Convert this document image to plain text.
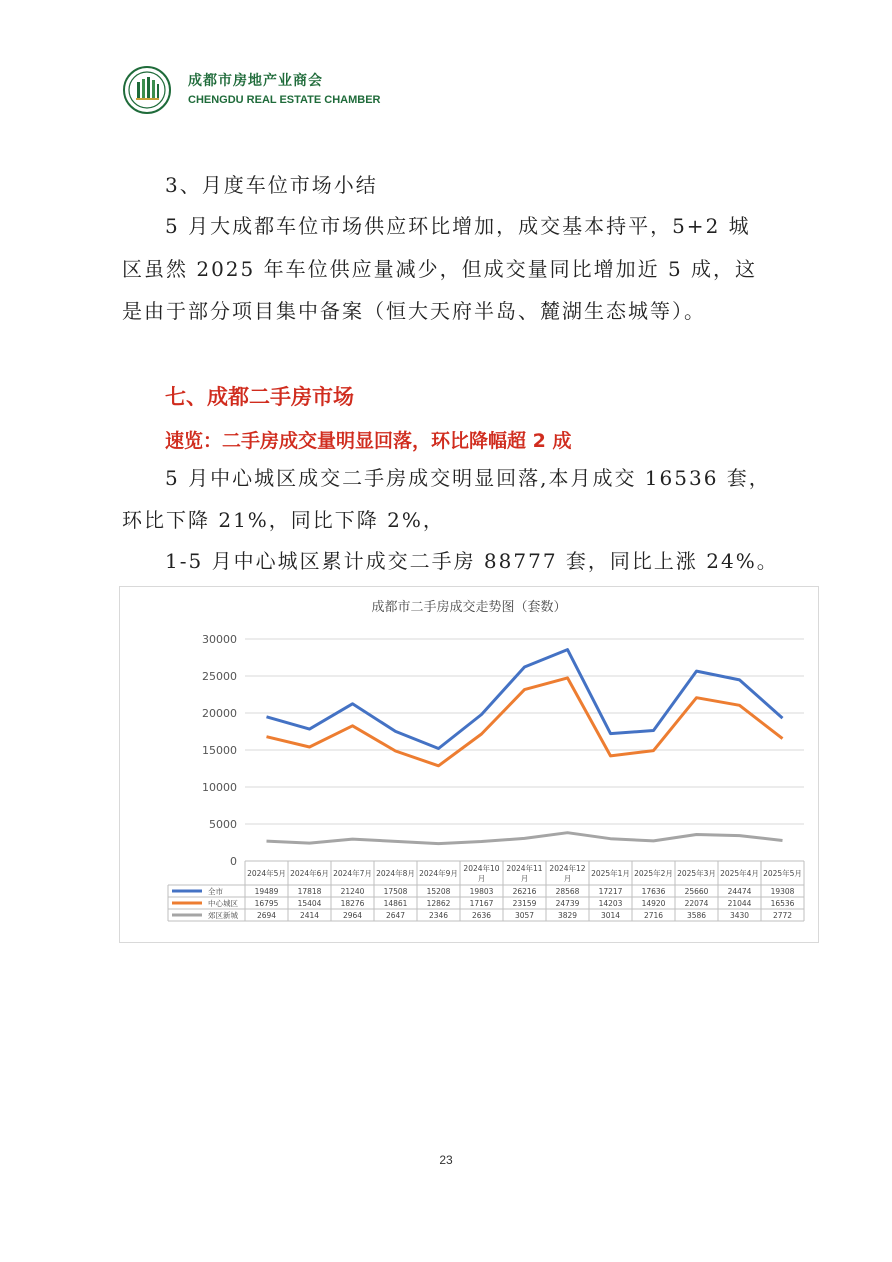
成都市房地产业商会
CHENGDU REAL ESTATE CHAMBER
3、月度车位市场小结
5 月大成都车位市场供应环比增加，成交基本持平，5+2 城
区虽然 2025 年车位供应量减少，但成交量同比增加近 5 成，这
是由于部分项目集中备案（恒大天府半岛、麓湖生态城等）。
七、成都二手房市场
速览：二手房成交量明显回落，环比降幅超 2 成
5 月中心城区成交二手房成交明显回落,本月成交 16536 套，
环比下降 21%，同比下降 2%，
1-5 月中心城区累计成交二手房 88777 套，同比上涨 24%。
成都市二手房成交走势图（套数）
30000
25000
20000
15000
10000
5000
0
2024年5月 2024年6月 2024年7月 2024年8月 2024年9月
2024年10
月
2024年11
月
2024年12
月
2025年1月 2025年2月 2025年3月 2025年4月 2025年5月
全市	19489	17818	21240	17508	15208	19803	26216	28568	17217	17636	25660	24474	19308
中心城区 16795	15404	18276	14861	12862	17167	23159	24739	14203	14920	22074	21044	16536
郊区新城	2694	2414	2964	2647	2346	2636	3057	3829	3014	2716	3586	3430	2772
23
